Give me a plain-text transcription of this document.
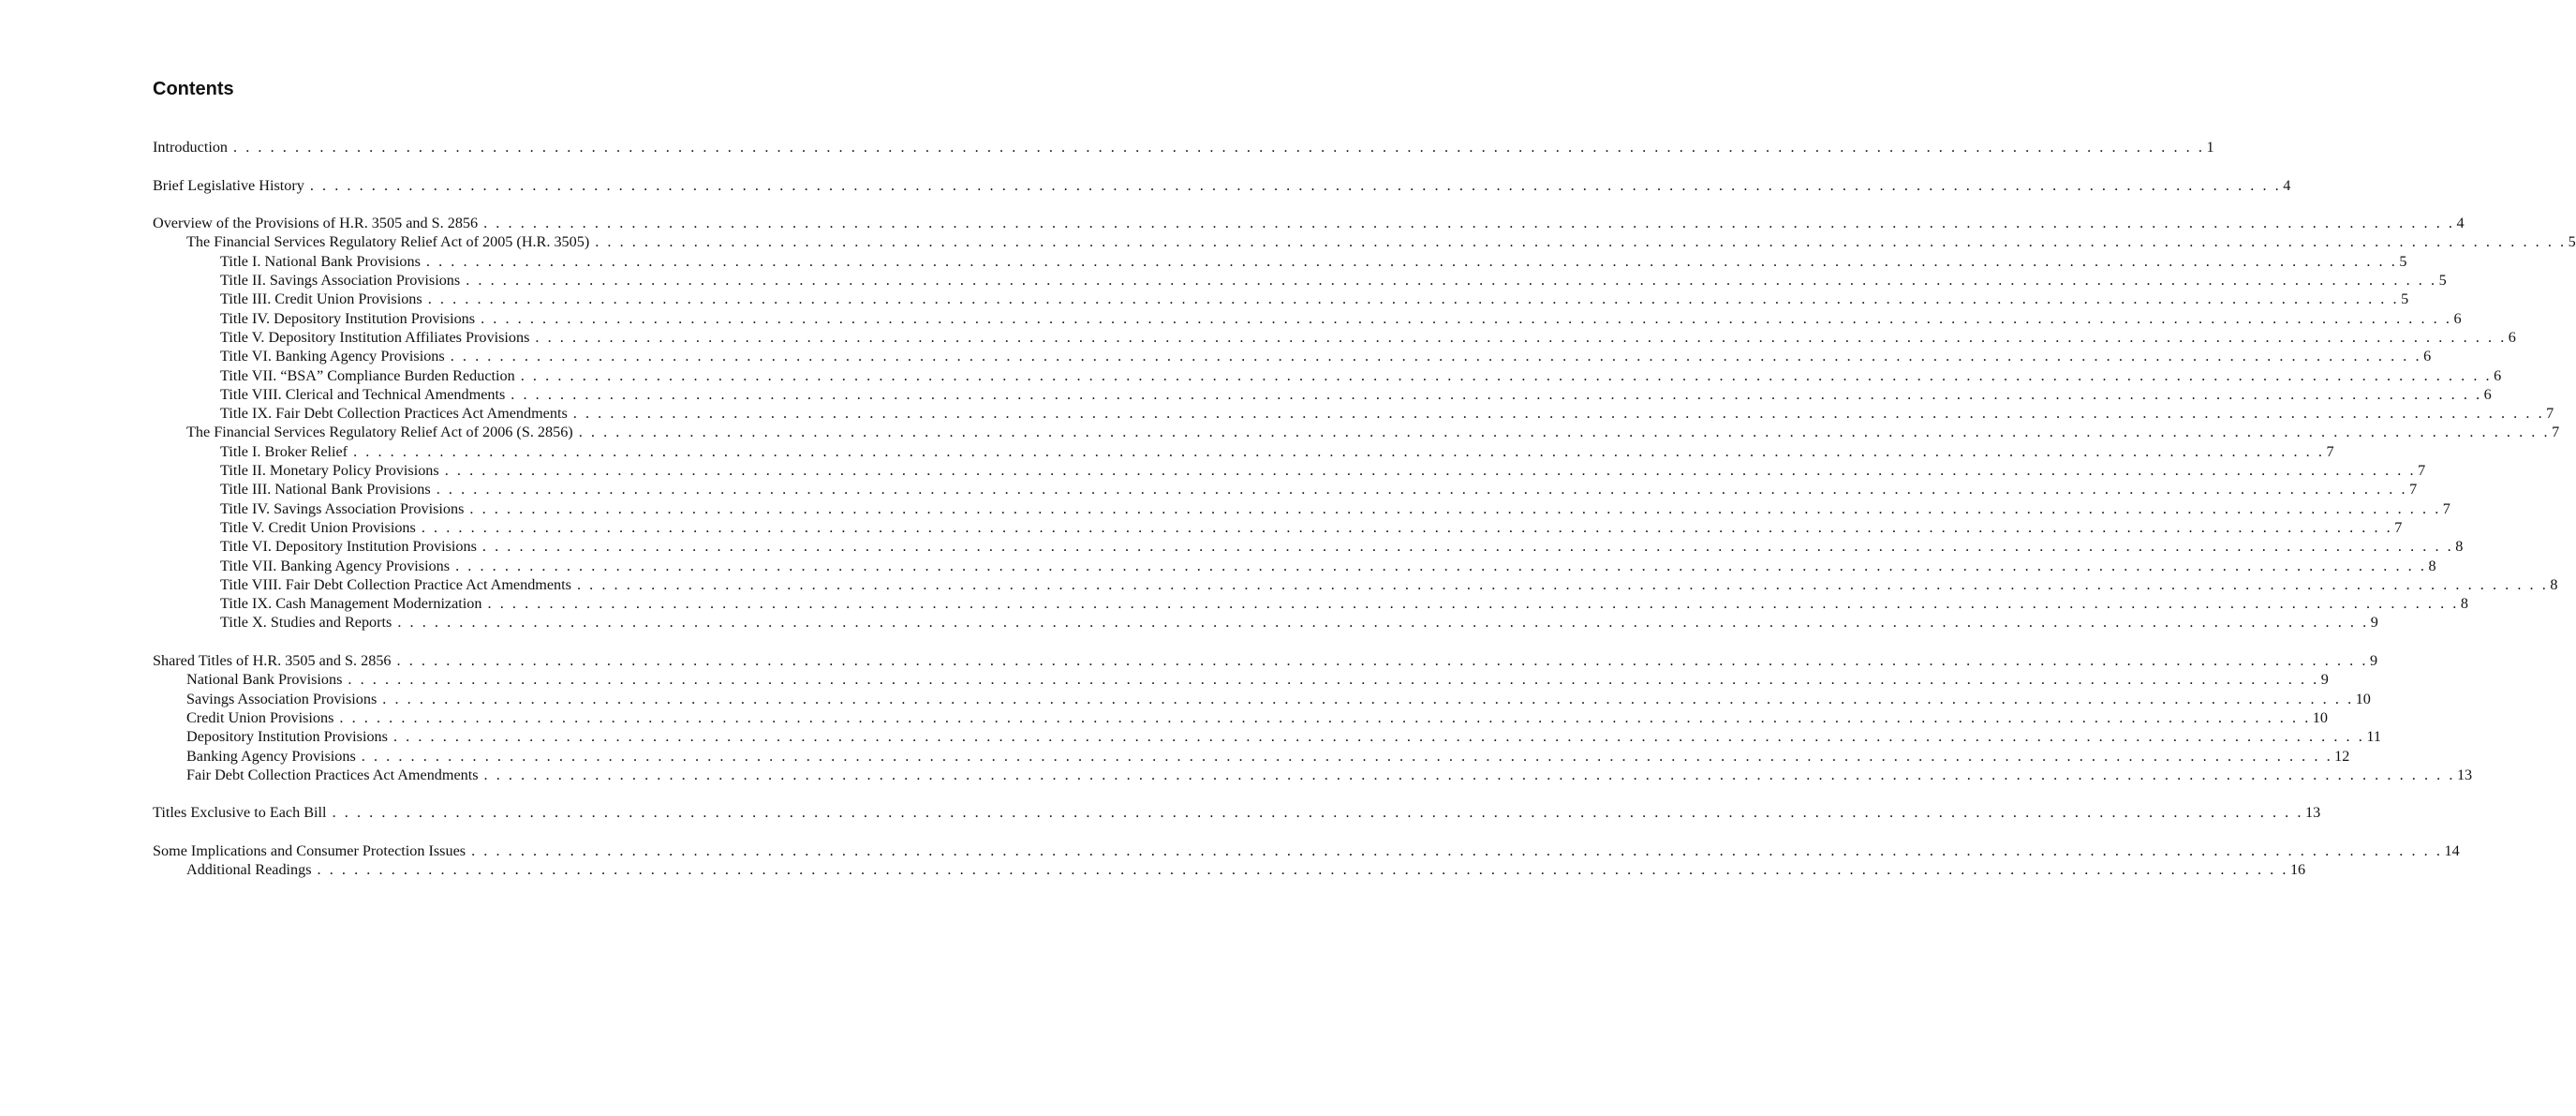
Contents
Introduction . . . . . . . . . . . . . . . . . . . . . . . . . . . . . . . . . . . . . . . . . . . . . . . . . . . . . . . . . . . . . . . . . . . . . . . . . . . . . . . . . . . . . . . . . . . . . . . . . . . . . . . . . . . . . . . . . . . . . . . . . . . . . . . . . . . . . . . . . . . . . . . . . . . . . . . . . . . . . . . . 1
Brief Legislative History . . . . . . . . . . . . . . . . . . . . . . . . . . . . . . . . . . . . . . . . . . . . . . . . . . . . . . . . . . . . . . . . . . . . . . . . . . . . . . . . . . . . . . . . . . . . . . . . . . . . . . . . . . . . . . . . . . . . . . . . . . . . . . . . . . . . . . . . . . . . . . . . . . . . . . . . . . . . . . . . 4
Overview of the Provisions of H.R. 3505 and S. 2856 . . . . . . . . . . . . . . . . . . . . . . . . . . . . . . . . . . . . . . . . . . . . . . . . . . . . . . . . . . . . . . . . . . . . . . . . . . . . . . . . . . . . . . . . . . . . . . . . . . . . . . . . . . . . . . . . . . . . . . . . . . . . . . . . . . . . . . . . . . . . . . . . . . . . . . . . . . . . . . . . 4
The Financial Services Regulatory Relief Act of 2005 (H.R. 3505) . . . . . . . . . . . . . . . . . . . . . . . . . . . . . . . . . . . . . . . . . . . . . . . . . . . . . . . . . . . . . . . . . . . . . . . . . . . . . . . . . . . . . . . . . . . . . . . . . . . . . . . . . . . . . . . . . . . . . . . . . . . . . . . . . . . . . . . . . . . . . . . . . . . . . . . . . . . . . . . . 5
Title I. National Bank Provisions . . . . . . . . . . . . . . . . . . . . . . . . . . . . . . . . . . . . . . . . . . . . . . . . . . . . . . . . . . . . . . . . . . . . . . . . . . . . . . . . . . . . . . . . . . . . . . . . . . . . . . . . . . . . . . . . . . . . . . . . . . . . . . . . . . . . . . . . . . . . . . . . . . . . . . . . . . . . . . . . 5
Title II. Savings Association Provisions . . . . . . . . . . . . . . . . . . . . . . . . . . . . . . . . . . . . . . . . . . . . . . . . . . . . . . . . . . . . . . . . . . . . . . . . . . . . . . . . . . . . . . . . . . . . . . . . . . . . . . . . . . . . . . . . . . . . . . . . . . . . . . . . . . . . . . . . . . . . . . . . . . . . . . . . . . . . . . . . 5
Title III. Credit Union Provisions . . . . . . . . . . . . . . . . . . . . . . . . . . . . . . . . . . . . . . . . . . . . . . . . . . . . . . . . . . . . . . . . . . . . . . . . . . . . . . . . . . . . . . . . . . . . . . . . . . . . . . . . . . . . . . . . . . . . . . . . . . . . . . . . . . . . . . . . . . . . . . . . . . . . . . . . . . . . . . . . 5
Title IV. Depository Institution Provisions . . . . . . . . . . . . . . . . . . . . . . . . . . . . . . . . . . . . . . . . . . . . . . . . . . . . . . . . . . . . . . . . . . . . . . . . . . . . . . . . . . . . . . . . . . . . . . . . . . . . . . . . . . . . . . . . . . . . . . . . . . . . . . . . . . . . . . . . . . . . . . . . . . . . . . . . . . . . . . . . 6
Title V. Depository Institution Affiliates Provisions . . . . . . . . . . . . . . . . . . . . . . . . . . . . . . . . . . . . . . . . . . . . . . . . . . . . . . . . . . . . . . . . . . . . . . . . . . . . . . . . . . . . . . . . . . . . . . . . . . . . . . . . . . . . . . . . . . . . . . . . . . . . . . . . . . . . . . . . . . . . . . . . . . . . . . . . . . . . . . . . 6
Title VI. Banking Agency Provisions . . . . . . . . . . . . . . . . . . . . . . . . . . . . . . . . . . . . . . . . . . . . . . . . . . . . . . . . . . . . . . . . . . . . . . . . . . . . . . . . . . . . . . . . . . . . . . . . . . . . . . . . . . . . . . . . . . . . . . . . . . . . . . . . . . . . . . . . . . . . . . . . . . . . . . . . . . . . . . . . 6
Title VII. “BSA” Compliance Burden Reduction . . . . . . . . . . . . . . . . . . . . . . . . . . . . . . . . . . . . . . . . . . . . . . . . . . . . . . . . . . . . . . . . . . . . . . . . . . . . . . . . . . . . . . . . . . . . . . . . . . . . . . . . . . . . . . . . . . . . . . . . . . . . . . . . . . . . . . . . . . . . . . . . . . . . . . . . . . . . . . . . 6
Title VIII. Clerical and Technical Amendments . . . . . . . . . . . . . . . . . . . . . . . . . . . . . . . . . . . . . . . . . . . . . . . . . . . . . . . . . . . . . . . . . . . . . . . . . . . . . . . . . . . . . . . . . . . . . . . . . . . . . . . . . . . . . . . . . . . . . . . . . . . . . . . . . . . . . . . . . . . . . . . . . . . . . . . . . . . . . . . . 6
Title IX. Fair Debt Collection Practices Act Amendments . . . . . . . . . . . . . . . . . . . . . . . . . . . . . . . . . . . . . . . . . . . . . . . . . . . . . . . . . . . . . . . . . . . . . . . . . . . . . . . . . . . . . . . . . . . . . . . . . . . . . . . . . . . . . . . . . . . . . . . . . . . . . . . . . . . . . . . . . . . . . . . . . . . . . . . . . . . . . . . . 7
The Financial Services Regulatory Relief Act of 2006 (S. 2856) . . . . . . . . . . . . . . . . . . . . . . . . . . . . . . . . . . . . . . . . . . . . . . . . . . . . . . . . . . . . . . . . . . . . . . . . . . . . . . . . . . . . . . . . . . . . . . . . . . . . . . . . . . . . . . . . . . . . . . . . . . . . . . . . . . . . . . . . . . . . . . . . . . . . . . . . . . . . . . . . 7
Title I. Broker Relief . . . . . . . . . . . . . . . . . . . . . . . . . . . . . . . . . . . . . . . . . . . . . . . . . . . . . . . . . . . . . . . . . . . . . . . . . . . . . . . . . . . . . . . . . . . . . . . . . . . . . . . . . . . . . . . . . . . . . . . . . . . . . . . . . . . . . . . . . . . . . . . . . . . . . . . . . . . . . . . . 7
Title II. Monetary Policy Provisions . . . . . . . . . . . . . . . . . . . . . . . . . . . . . . . . . . . . . . . . . . . . . . . . . . . . . . . . . . . . . . . . . . . . . . . . . . . . . . . . . . . . . . . . . . . . . . . . . . . . . . . . . . . . . . . . . . . . . . . . . . . . . . . . . . . . . . . . . . . . . . . . . . . . . . . . . . . . . . . . 7
Title III. National Bank Provisions . . . . . . . . . . . . . . . . . . . . . . . . . . . . . . . . . . . . . . . . . . . . . . . . . . . . . . . . . . . . . . . . . . . . . . . . . . . . . . . . . . . . . . . . . . . . . . . . . . . . . . . . . . . . . . . . . . . . . . . . . . . . . . . . . . . . . . . . . . . . . . . . . . . . . . . . . . . . . . . . 7
Title IV. Savings Association Provisions . . . . . . . . . . . . . . . . . . . . . . . . . . . . . . . . . . . . . . . . . . . . . . . . . . . . . . . . . . . . . . . . . . . . . . . . . . . . . . . . . . . . . . . . . . . . . . . . . . . . . . . . . . . . . . . . . . . . . . . . . . . . . . . . . . . . . . . . . . . . . . . . . . . . . . . . . . . . . . . . 7
Title V. Credit Union Provisions . . . . . . . . . . . . . . . . . . . . . . . . . . . . . . . . . . . . . . . . . . . . . . . . . . . . . . . . . . . . . . . . . . . . . . . . . . . . . . . . . . . . . . . . . . . . . . . . . . . . . . . . . . . . . . . . . . . . . . . . . . . . . . . . . . . . . . . . . . . . . . . . . . . . . . . . . . . . . . . . 7
Title VI. Depository Institution Provisions . . . . . . . . . . . . . . . . . . . . . . . . . . . . . . . . . . . . . . . . . . . . . . . . . . . . . . . . . . . . . . . . . . . . . . . . . . . . . . . . . . . . . . . . . . . . . . . . . . . . . . . . . . . . . . . . . . . . . . . . . . . . . . . . . . . . . . . . . . . . . . . . . . . . . . . . . . . . . . . . 8
Title VII. Banking Agency Provisions . . . . . . . . . . . . . . . . . . . . . . . . . . . . . . . . . . . . . . . . . . . . . . . . . . . . . . . . . . . . . . . . . . . . . . . . . . . . . . . . . . . . . . . . . . . . . . . . . . . . . . . . . . . . . . . . . . . . . . . . . . . . . . . . . . . . . . . . . . . . . . . . . . . . . . . . . . . . . . . . 8
Title VIII. Fair Debt Collection Practice Act Amendments . . . . . . . . . . . . . . . . . . . . . . . . . . . . . . . . . . . . . . . . . . . . . . . . . . . . . . . . . . . . . . . . . . . . . . . . . . . . . . . . . . . . . . . . . . . . . . . . . . . . . . . . . . . . . . . . . . . . . . . . . . . . . . . . . . . . . . . . . . . . . . . . . . . . . . . . . . . . . . . . 8
Title IX. Cash Management Modernization . . . . . . . . . . . . . . . . . . . . . . . . . . . . . . . . . . . . . . . . . . . . . . . . . . . . . . . . . . . . . . . . . . . . . . . . . . . . . . . . . . . . . . . . . . . . . . . . . . . . . . . . . . . . . . . . . . . . . . . . . . . . . . . . . . . . . . . . . . . . . . . . . . . . . . . . . . . . . . . . 8
Title X. Studies and Reports . . . . . . . . . . . . . . . . . . . . . . . . . . . . . . . . . . . . . . . . . . . . . . . . . . . . . . . . . . . . . . . . . . . . . . . . . . . . . . . . . . . . . . . . . . . . . . . . . . . . . . . . . . . . . . . . . . . . . . . . . . . . . . . . . . . . . . . . . . . . . . . . . . . . . . . . . . . . . . . . 9
Shared Titles of H.R. 3505 and S. 2856 . . . . . . . . . . . . . . . . . . . . . . . . . . . . . . . . . . . . . . . . . . . . . . . . . . . . . . . . . . . . . . . . . . . . . . . . . . . . . . . . . . . . . . . . . . . . . . . . . . . . . . . . . . . . . . . . . . . . . . . . . . . . . . . . . . . . . . . . . . . . . . . . . . . . . . . . . . . . . . . . 9
National Bank Provisions . . . . . . . . . . . . . . . . . . . . . . . . . . . . . . . . . . . . . . . . . . . . . . . . . . . . . . . . . . . . . . . . . . . . . . . . . . . . . . . . . . . . . . . . . . . . . . . . . . . . . . . . . . . . . . . . . . . . . . . . . . . . . . . . . . . . . . . . . . . . . . . . . . . . . . . . . . . . . . . . 9
Savings Association Provisions . . . . . . . . . . . . . . . . . . . . . . . . . . . . . . . . . . . . . . . . . . . . . . . . . . . . . . . . . . . . . . . . . . . . . . . . . . . . . . . . . . . . . . . . . . . . . . . . . . . . . . . . . . . . . . . . . . . . . . . . . . . . . . . . . . . . . . . . . . . . . . . . . . . . . . . . . . . . . . . . 10
Credit Union Provisions . . . . . . . . . . . . . . . . . . . . . . . . . . . . . . . . . . . . . . . . . . . . . . . . . . . . . . . . . . . . . . . . . . . . . . . . . . . . . . . . . . . . . . . . . . . . . . . . . . . . . . . . . . . . . . . . . . . . . . . . . . . . . . . . . . . . . . . . . . . . . . . . . . . . . . . . . . . . . . . . 10
Depository Institution Provisions . . . . . . . . . . . . . . . . . . . . . . . . . . . . . . . . . . . . . . . . . . . . . . . . . . . . . . . . . . . . . . . . . . . . . . . . . . . . . . . . . . . . . . . . . . . . . . . . . . . . . . . . . . . . . . . . . . . . . . . . . . . . . . . . . . . . . . . . . . . . . . . . . . . . . . . . . . . . . . . . 11
Banking Agency Provisions . . . . . . . . . . . . . . . . . . . . . . . . . . . . . . . . . . . . . . . . . . . . . . . . . . . . . . . . . . . . . . . . . . . . . . . . . . . . . . . . . . . . . . . . . . . . . . . . . . . . . . . . . . . . . . . . . . . . . . . . . . . . . . . . . . . . . . . . . . . . . . . . . . . . . . . . . . . . . . . . 12
Fair Debt Collection Practices Act Amendments . . . . . . . . . . . . . . . . . . . . . . . . . . . . . . . . . . . . . . . . . . . . . . . . . . . . . . . . . . . . . . . . . . . . . . . . . . . . . . . . . . . . . . . . . . . . . . . . . . . . . . . . . . . . . . . . . . . . . . . . . . . . . . . . . . . . . . . . . . . . . . . . . . . . . . . . . . . . . . . . 13
Titles Exclusive to Each Bill . . . . . . . . . . . . . . . . . . . . . . . . . . . . . . . . . . . . . . . . . . . . . . . . . . . . . . . . . . . . . . . . . . . . . . . . . . . . . . . . . . . . . . . . . . . . . . . . . . . . . . . . . . . . . . . . . . . . . . . . . . . . . . . . . . . . . . . . . . . . . . . . . . . . . . . . . . . . . . . . 13
Some Implications and Consumer Protection Issues . . . . . . . . . . . . . . . . . . . . . . . . . . . . . . . . . . . . . . . . . . . . . . . . . . . . . . . . . . . . . . . . . . . . . . . . . . . . . . . . . . . . . . . . . . . . . . . . . . . . . . . . . . . . . . . . . . . . . . . . . . . . . . . . . . . . . . . . . . . . . . . . . . . . . . . . . . . . . . . . 14
Additional Readings . . . . . . . . . . . . . . . . . . . . . . . . . . . . . . . . . . . . . . . . . . . . . . . . . . . . . . . . . . . . . . . . . . . . . . . . . . . . . . . . . . . . . . . . . . . . . . . . . . . . . . . . . . . . . . . . . . . . . . . . . . . . . . . . . . . . . . . . . . . . . . . . . . . . . . . . . . . . . . . . 16
